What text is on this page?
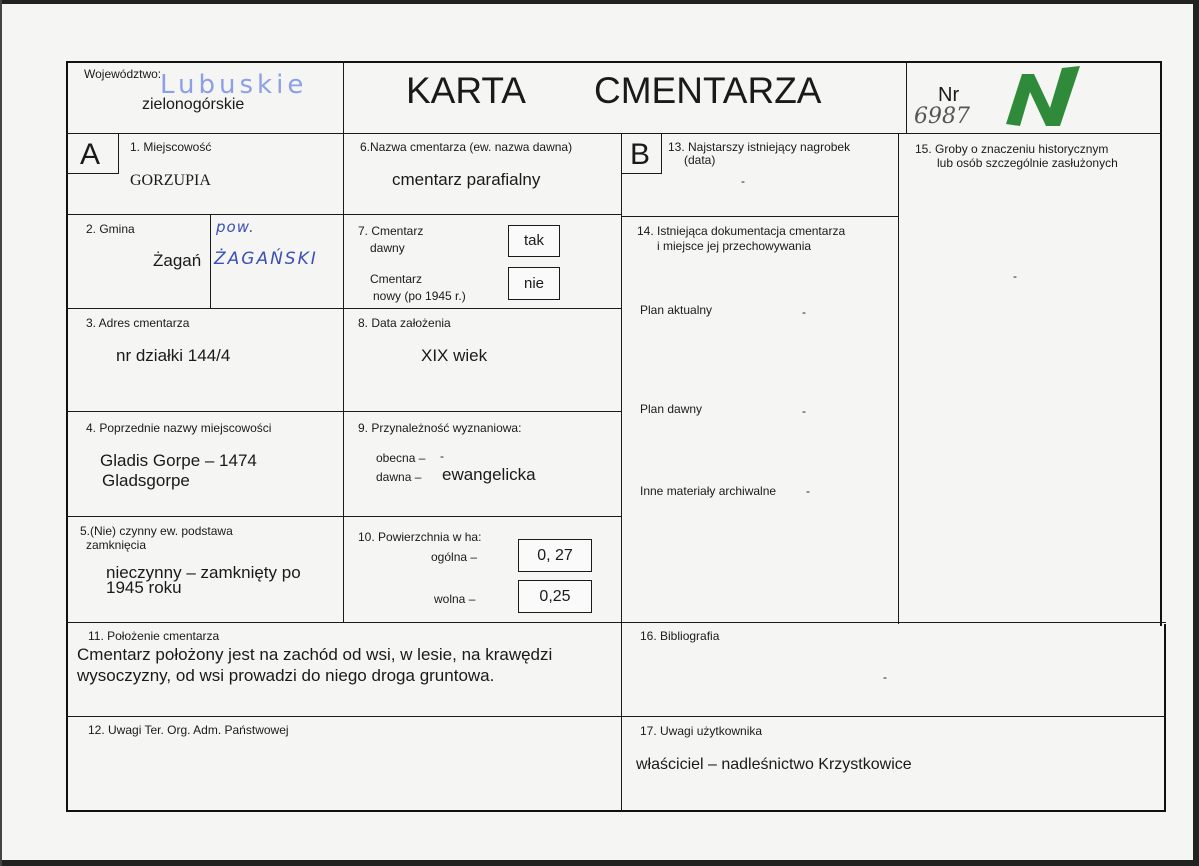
Województwo:
Lubuskie
zielonogórskie	KARTA CMENTARZA	Nr
6987
A 1. Miejscowość
GORZUPIA
6.Nazwa cmentarza (ew. nazwa dawna)
cmentarz parafialny
2. Gmina
Żagań
pow.
ŻAGAŃSKI
7. Cmentarz
dawny	tak
Cmentarz
nowy (po 1945 r.)
nie
3. Adres cmentarza
nr działki 144/4
8. Data założenia
XIX wiek
4. Poprzednie nazwy miejscowości
Gladis Gorpe – 1474
Gladsgorpe
9. Przynależność wyznaniowa:
obecna – -
dawna – ewangelicka
5.(Nie) czynny ew. podstawa
zamknięcia
nieczynny – zamknięty po
1945 roku
10. Powierzchnia w ha:
ogólna –	0, 27
wolna –	0,25
11. Położenie cmentarza
Cmentarz położony jest na zachód od wsi, w lesie, na krawędzi
wysoczyzny, od wsi prowadzi do niego droga gruntowa.
12. Uwagi Ter. Org. Adm. Państwowej
B 13. Najstarszy istniejący nagrobek
(data)
-
14. Istniejąca dokumentacja cmentarza
i miejsce jej przechowywania
Plan aktualny	-
Plan dawny	-
Inne materiały archiwalne -
15. Groby o znaczeniu historycznym
lub osób szczególnie zasłużonych
-
16. Bibliografia
-
17. Uwagi użytkownika
właściciel – nadleśnictwo Krzystkowice
